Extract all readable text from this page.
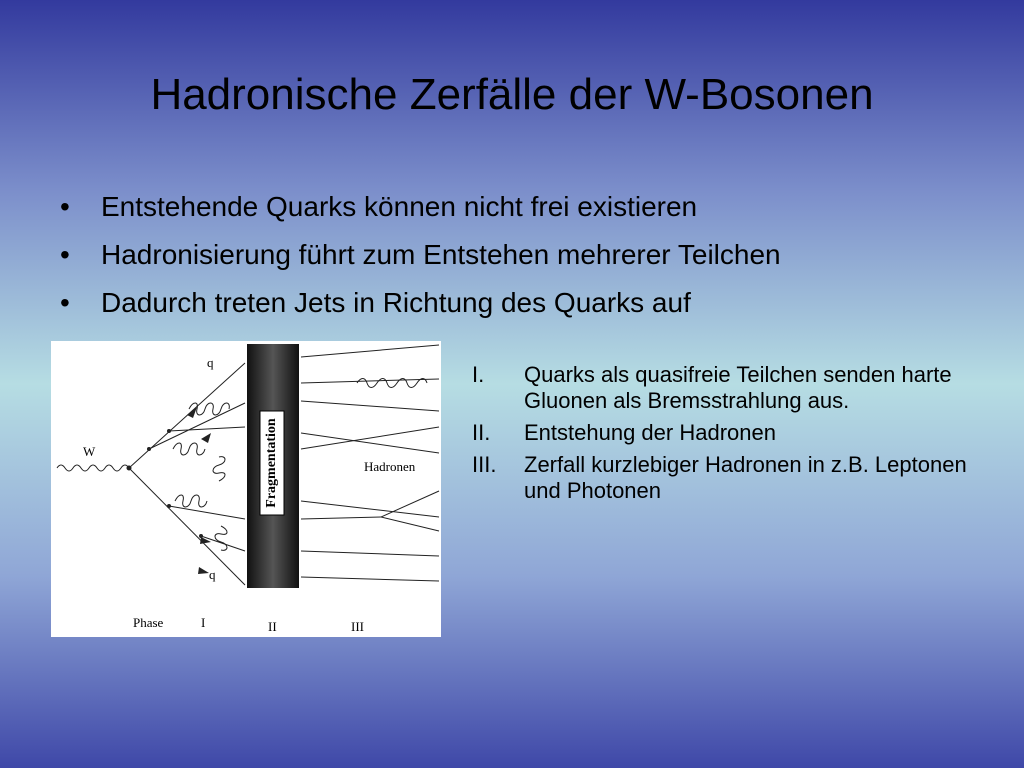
Hadronische Zerfälle der W-Bosonen
• Entstehende Quarks können nicht frei existieren
• Hadronisierung führt zum Entstehen mehrerer Teilchen
• Dadurch treten Jets in Richtung des Quarks auf
Fragmentation
W
q
q
Hadronen
Phase	I	II	III
I. Quarks als quasifreie Teilchen senden harte Gluonen als Bremsstrahlung aus.
II. Entstehung der Hadronen
III. Zerfall kurzlebiger Hadronen in z.B. Leptonen und Photonen
